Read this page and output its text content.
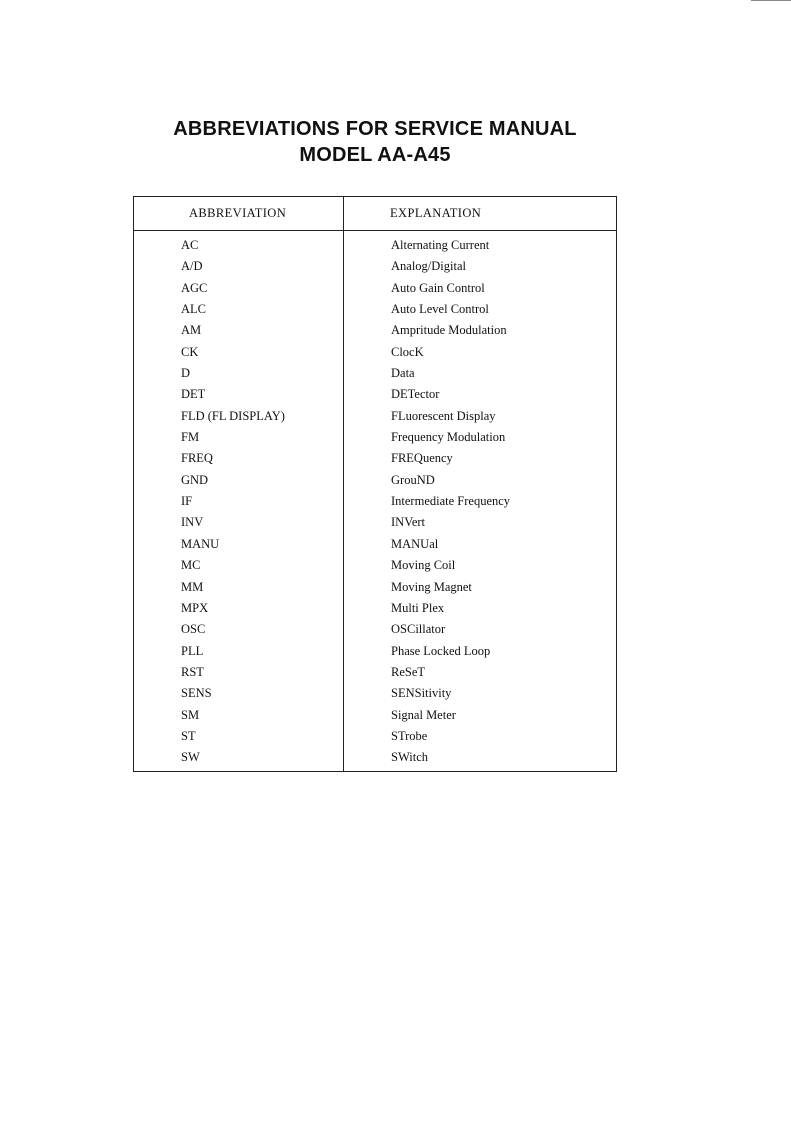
ABBREVIATIONS FOR SERVICE MANUAL
MODEL AA-A45
ABBREVIATION	EXPLANATION
AC	Alternating Current
A/D	Analog/Digital
AGC	Auto Gain Control
ALC	Auto Level Control
AM	Ampritude Modulation
CK	ClocK
D	Data
DET	DETector
FLD (FL DISPLAY)	FLuorescent Display
FM	Frequency Modulation
FREQ	FREQuency
GND	GrouND
IF	Intermediate Frequency
INV	INVert
MANU	MANUal
MC	Moving Coil
MM	Moving Magnet
MPX	Multi Plex
OSC	OSCillator
PLL	Phase Locked Loop
RST	ReSeT
SENS	SENSitivity
SM	Signal Meter
ST	STrobe
SW	SWitch
